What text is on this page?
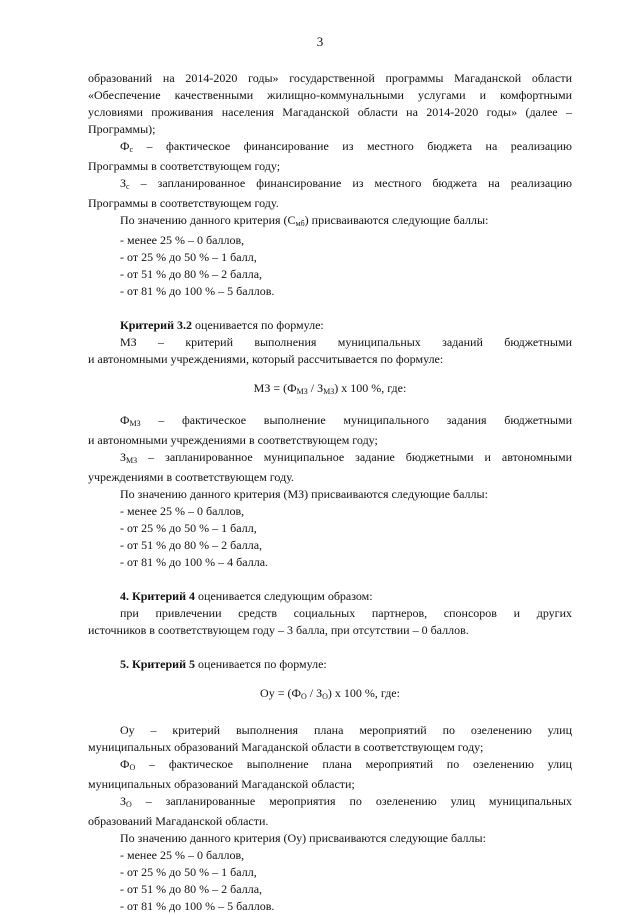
3

образований на 2014-2020 годы» государственной программы Магаданской области

«Обеспечение качественными жилищно-коммунальными услугами и комфортными

условиями проживания населения Магаданской области на 2014-2020 годы» (далее –

Программы);

$Ф_с$ – фактическое финансирование из местного бюджета на реализацию

Программы в соответствующем году;

$З_с$ – запланированное финансирование из местного бюджета на реализацию

Программы в соответствующем году.

По значению данного критерия $(С_{мб})$ присваиваются следующие баллы:

- менее 25 % – 0 баллов,

- от 25 % до 50 % – 1 балл,

- от 51 % до 80 % – 2 балла,

- от 81 % до 100 % – 5 баллов.

Критерий 3.2 оценивается по формуле:

МЗ – критерий выполнения муниципальных заданий бюджетными

и автономными учреждениями, который рассчитывается по формуле:

МЗ = $(Ф_{МЗ} / З_{МЗ})$ х 100 %, где:

$Ф_{МЗ}$ – фактическое выполнение муниципального задания бюджетными

и автономными учреждениями в соответствующем году;

$З_{МЗ}$ – запланированное муниципальное задание бюджетными и автономными

учреждениями в соответствующем году.

По значению данного критерия (МЗ) присваиваются следующие баллы:

- менее 25 % – 0 баллов,

- от 25 % до 50 % – 1 балл,

- от 51 % до 80 % – 2 балла,

- от 81 % до 100 % – 4 балла.

4. Критерий 4 оценивается следующим образом:

при привлечении средств социальных партнеров, спонсоров и других

источников в соответствующем году – 3 балла, при отсутствии – 0 баллов.

5. Критерий 5 оценивается по формуле:

Оу = $(Ф_О / З_О)$ х 100 %, где:

Оу – критерий выполнения плана мероприятий по озеленению улиц

муниципальных образований Магаданской области в соответствующем году;

$Ф_О$ – фактическое выполнение плана мероприятий по озеленению улиц

муниципальных образований Магаданской области;

$З_О$ – запланированные мероприятия по озеленению улиц муниципальных

образований Магаданской области.

По значению данного критерия (Оу) присваиваются следующие баллы:

- менее 25 % – 0 баллов,

- от 25 % до 50 % – 1 балл,

- от 51 % до 80 % – 2 балла,

- от 81 % до 100 % – 5 баллов.
